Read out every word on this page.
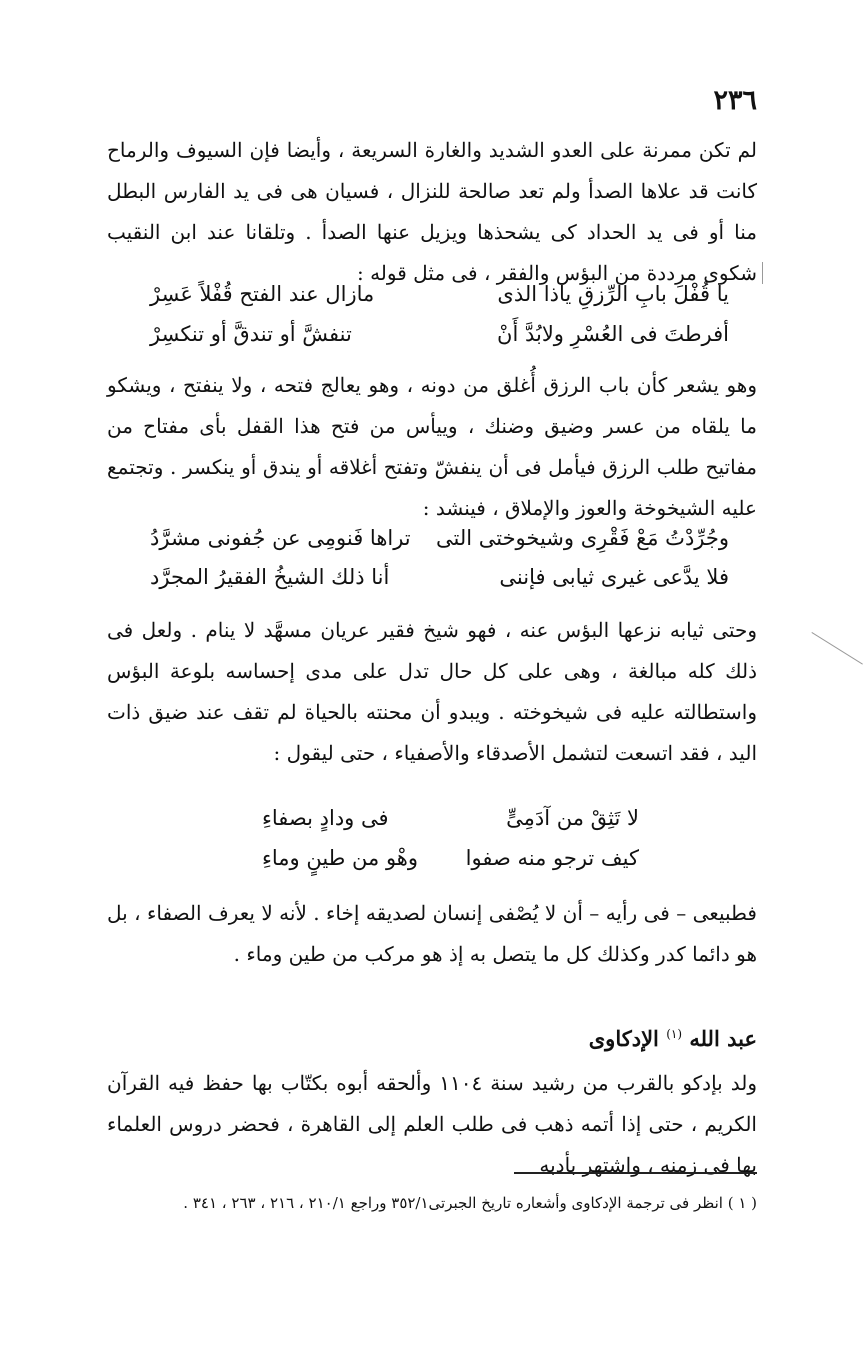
٢٣٦

لم تكن ممرنة على العدو الشديد والغارة السريعة ، وأيضا فإن السيوف والرماح كانت قد علاها الصدأ ولم تعد صالحة للنزال ، فسيان هى فى يد الفارس البطل منا أو فى يد الحداد كى يشحذها ويزيل عنها الصدأ . وتلقانا عند ابن النقيب شكوى مرددة من البؤس والفقر ، فى مثل قوله :

يا قُفْلَ بابِ الرِّزقِ ياذا الذى
مازال عند الفتح قُفْلاً عَسِرْ
أفرطتَ فى العُسْرِ ولابُدَّ أَنْ
تنفشَّ أو تندقَّ أو تنكسِرْ

وهو يشعر كأن باب الرزق أُغلق من دونه ، وهو يعالج فتحه ، ولا ينفتح ، ويشكو ما يلقاه من عسر وضيق وضنك ، وييأس من فتح هذا القفل بأى مفتاح من مفاتيح طلب الرزق فيأمل فى أن ينفشّ وتفتح أغلاقه أو يندق أو ينكسر . وتجتمع عليه الشيخوخة والعوز والإملاق ، فينشد :

وجُرِّدْتُ مَعْ فَقْرِى وشيخوختى التى
تراها فَنومِى عن جُفونى مشرَّدُ
فلا يدَّعى غيرى ثيابى فإننى
أنا ذلك الشيخُ الفقيرُ المجرَّد

وحتى ثيابه نزعها البؤس عنه ، فهو شيخ فقير عريان مسهَّد لا ينام . ولعل فى ذلك كله مبالغة ، وهى على كل حال تدل على مدى إحساسه بلوعة البؤس واستطالته عليه فى شيخوخته . ويبدو أن محنته بالحياة لم تقف عند ضيق ذات اليد ، فقد اتسعت لتشمل الأصدقاء والأصفياء ، حتى ليقول :

لا تَثِقْ من آدَمِىٍّ
فى ودادٍ بصفاءِ
كيف ترجو منه صفوا
وهْو من طينٍ وماءِ

فطبيعى – فى رأيه – أن لا يُصْفى إنسان لصديقه إخاء . لأنه لا يعرف الصفاء ، بل هو دائما كدر وكذلك كل ما يتصل به إذ هو مركب من طين وماء .

عبد الله $^{(١)}$ الإدكاوى

ولد بإدكو بالقرب من رشيد سنة ١١٠٤ وألحقه أبوه بكتّاب بها حفظ فيه القرآن الكريم ، حتى إذا أتمه ذهب فى طلب العلم إلى القاهرة ، فحضر دروس العلماء بها فى زمنه ، واشتهر بأدبه

( ١ ) انظر فى ترجمة الإدكاوى وأشعاره تاريخ الجبرتى٣٥٢/١ وراجع ٢١٠/١ ، ٢١٦ ، ٢٦٣ ، ٣٤١ .
